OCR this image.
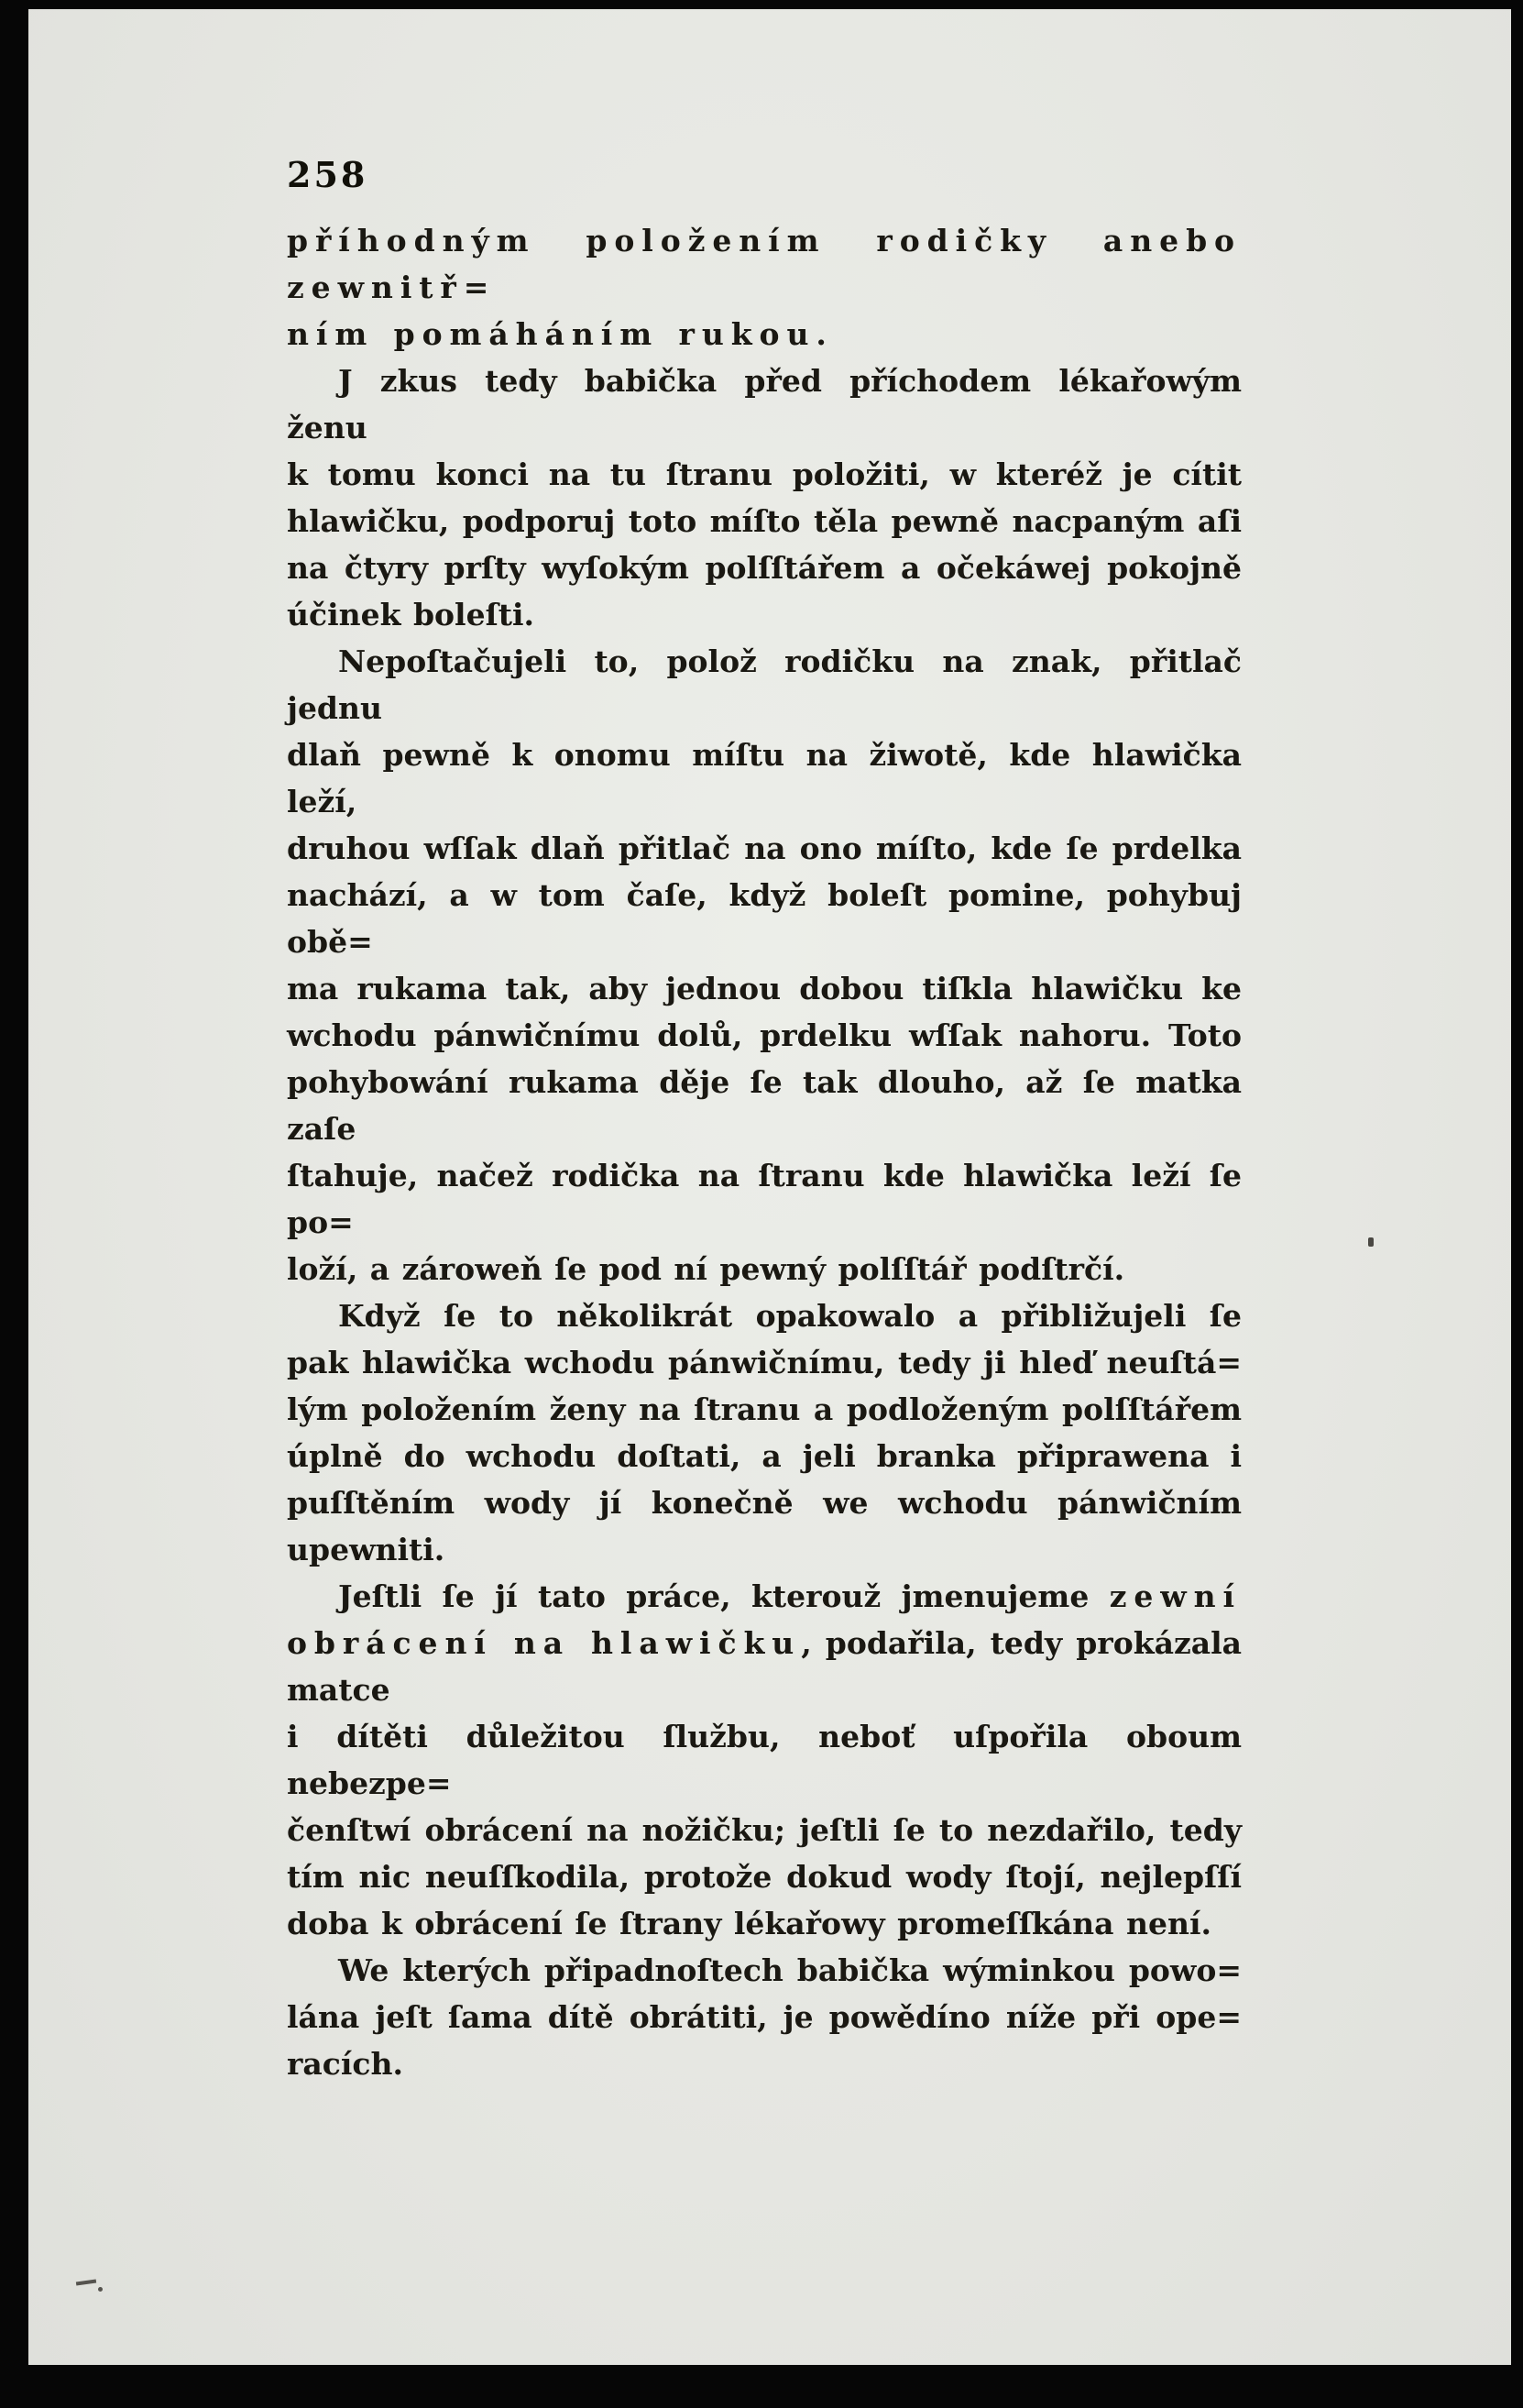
258

příhodným položením rodičky anebo zewnitř=
ním pomáháním rukou.

J zkus tedy babička před příchodem lékařowým ženu
k tomu konci na tu ſtranu položiti, w kteréž je cítit
hlawičku, podporuj toto míſto těla pewně nacpaným aſi
na čtyry prſty wyſokým polſſtářem a očekáwej pokojně
účinek boleſti.

Nepoſtačujeli to, polož rodičku na znak, přitlač jednu
dlaň pewně k onomu míſtu na žiwotě, kde hlawička leží,
druhou wſſak dlaň přitlač na ono míſto, kde ſe prdelka
nachází, a w tom čaſe, když boleſt pomine, pohybuj obě=
ma rukama tak, aby jednou dobou tiſkla hlawičku ke
wchodu pánwičnímu dolů, prdelku wſſak nahoru. Toto
pohybowání rukama děje ſe tak dlouho, až ſe matka zaſe
ſtahuje, načež rodička na ſtranu kde hlawička leží ſe po=
loží, a zároweň ſe pod ní pewný polſſtář podſtrčí.

Když ſe to několikrát opakowalo a přibližujeli ſe
pak hlawička wchodu pánwičnímu, tedy ji hleď neuſtá=
lým položením ženy na ſtranu a podloženým polſſtářem
úplně do wchodu doſtati, a jeli branka připrawena i
puſſtěním wody jí konečně we wchodu pánwičním
upewniti.

Jeſtli ſe jí tato práce, kterouž jmenujeme zewní
obrácení na hlawičku, podařila, tedy prokázala matce
i dítěti důležitou ſlužbu, neboť uſpořila oboum nebezpe=
čenſtwí obrácení na nožičku; jeſtli ſe to nezdařilo, tedy
tím nic neuſſkodila, protože dokud wody ſtojí, nejlepſſí
doba k obrácení ſe ſtrany lékařowy promeſſkána není.

We kterých připadnoſtech babička wýminkou powo=
lána jeſt ſama dítě obrátiti, je powědíno níže při ope=
racích.
